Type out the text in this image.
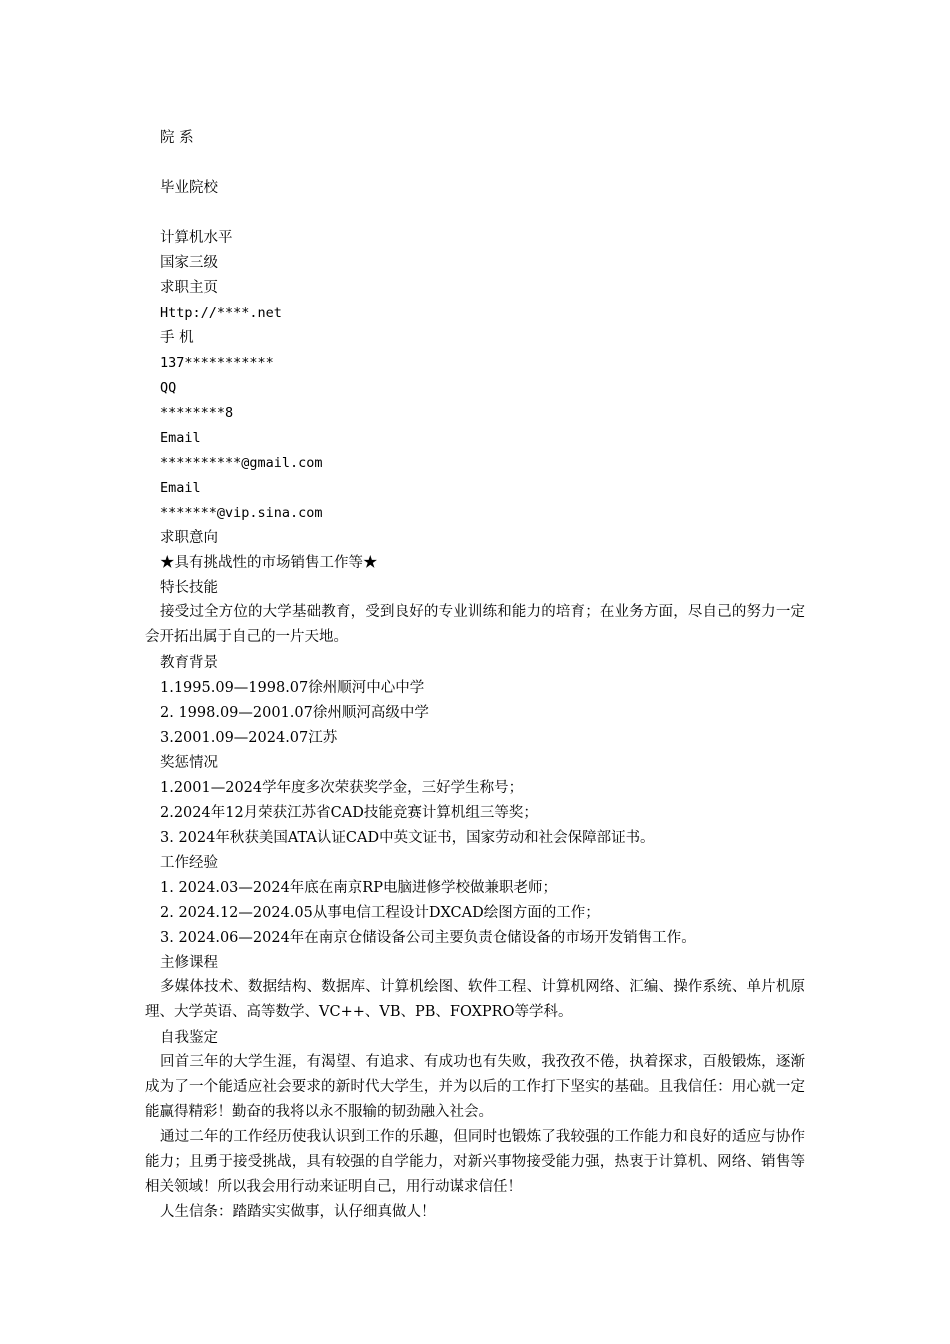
院 系
毕业院校
计算机水平
国家三级
求职主页
Http://****.net
手 机
137***********
QQ
********8
Email
**********@gmail.com
Email
*******@vip.sina.com
求职意向
★具有挑战性的市场销售工作等★
特长技能
接受过全方位的大学基础教育，受到良好的专业训练和能力的培育；在业务方面，尽自己的努力一定会开拓出属于自己的一片天地。
教育背景
1.1995.09—1998.07徐州顺河中心中学
2. 1998.09—2001.07徐州顺河高级中学
3.2001.09—2024.07江苏
奖惩情况
1.2001—2024学年度多次荣获奖学金，三好学生称号；
2.2024年12月荣获江苏省CAD技能竞赛计算机组三等奖；
3. 2024年秋获美国ATA认证CAD中英文证书，国家劳动和社会保障部证书。
工作经验
1. 2024.03—2024年底在南京RP电脑进修学校做兼职老师；
2. 2024.12—2024.05从事电信工程设计DXCAD绘图方面的工作；
3. 2024.06—2024年在南京仓储设备公司主要负责仓储设备的市场开发销售工作。
主修课程
多媒体技术、数据结构、数据库、计算机绘图、软件工程、计算机网络、汇编、操作系统、单片机原理、大学英语、高等数学、VC++、VB、PB、FOXPRO等学科。
自我鉴定
回首三年的大学生涯，有渴望、有追求、有成功也有失败，我孜孜不倦，执着探求，百般锻炼，逐渐成为了一个能适应社会要求的新时代大学生，并为以后的工作打下坚实的基础。且我信任：用心就一定能赢得精彩！勤奋的我将以永不服输的韧劲融入社会。
通过二年的工作经历使我认识到工作的乐趣，但同时也锻炼了我较强的工作能力和良好的适应与协作能力；且勇于接受挑战，具有较强的自学能力，对新兴事物接受能力强，热衷于计算机、网络、销售等相关领域！所以我会用行动来证明自己，用行动谋求信任！
人生信条：踏踏实实做事，认仔细真做人！
